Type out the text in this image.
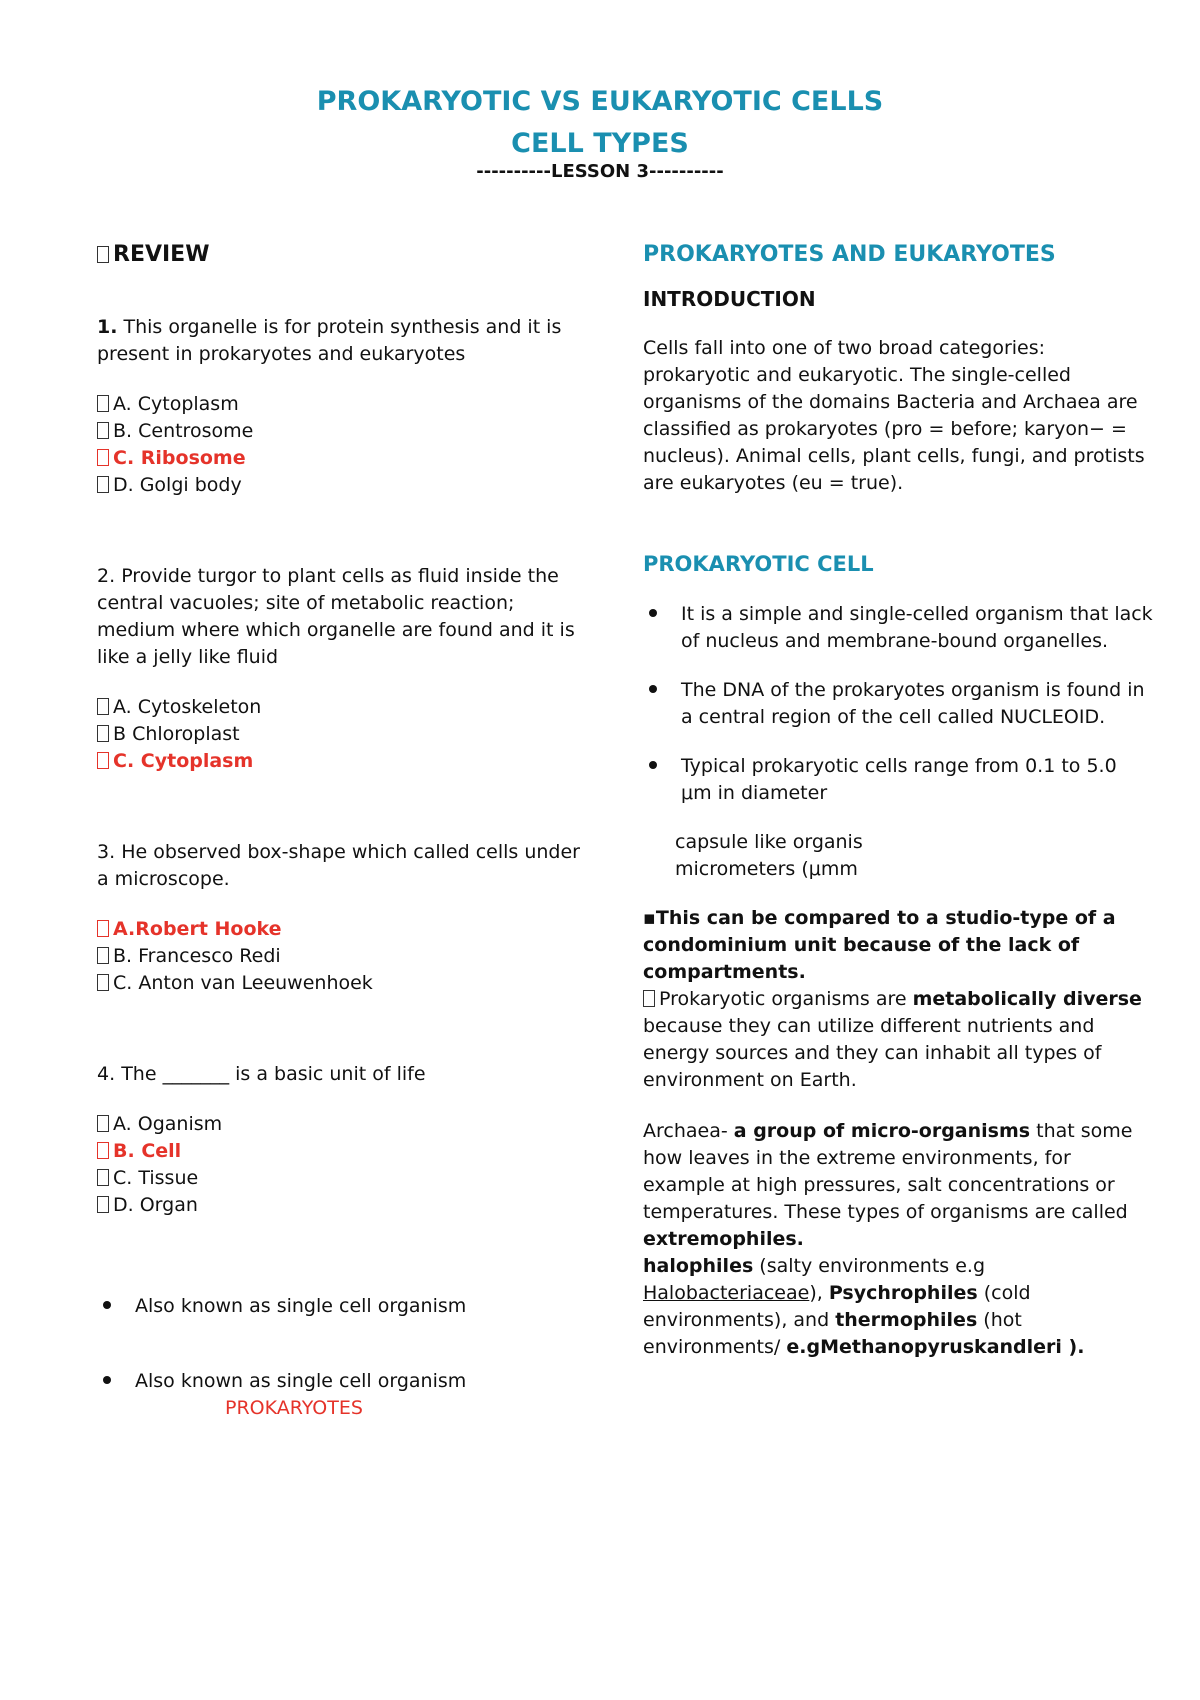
PROKARYOTIC VS EUKARYOTIC CELLS
CELL TYPES
----------LESSON 3----------
REVIEW

1. This organelle is for protein synthesis and it is present in prokaryotes and eukaryotes

A. Cytoplasm

B. Centrosome

C. Ribosome

D. Golgi body

2. Provide turgor to plant cells as fluid inside the central vacuoles; site of metabolic reaction; medium where which organelle are found and it is like a jelly like fluid

A. Cytoskeleton

B Chloroplast

C. Cytoplasm

3. He observed box-shape which called cells under a microscope.

A.Robert Hooke

B. Francesco Redi

C. Anton van Leeuwenhoek

4. The _______ is a basic unit of life

A. Oganism

B. Cell

C. Tissue

D. Organ

Also known as single cell organism
Also known as single cell organism
PROKARYOTES
PROKARYOTES AND EUKARYOTES
INTRODUCTION

Cells fall into one of two broad categories: prokaryotic and eukaryotic. The single-celled organisms of the domains Bacteria and Archaea are classified as prokaryotes (pro = before; karyon− = nucleus). Animal cells, plant cells, fungi, and protists are eukaryotes (eu = true).

PROKARYOTIC CELL
It is a simple and single-celled organism that lack of nucleus and membrane-bound organelles.
The DNA of the prokaryotes organism is found in a central region of the cell called NUCLEOID.
Typical prokaryotic cells range from 0.1 to 5.0 μm in diameter

capsule like organis

micrometers (μmm

▪This can be compared to a studio-type of a condominium unit because of the lack of compartments.

Prokaryotic organisms are metabolically diverse because they can utilize different nutrients and energy sources and they can inhabit all types of environment on Earth.

Archaea- a group of micro-organisms that some how leaves in the extreme environments, for example at high pressures, salt concentrations or temperatures. These types of organisms are called extremophiles.
halophiles (salty environments e.g Halobacteriaceae), Psychrophiles (cold environments), and thermophiles (hot environments/ e.gMethanopyruskandleri ).
